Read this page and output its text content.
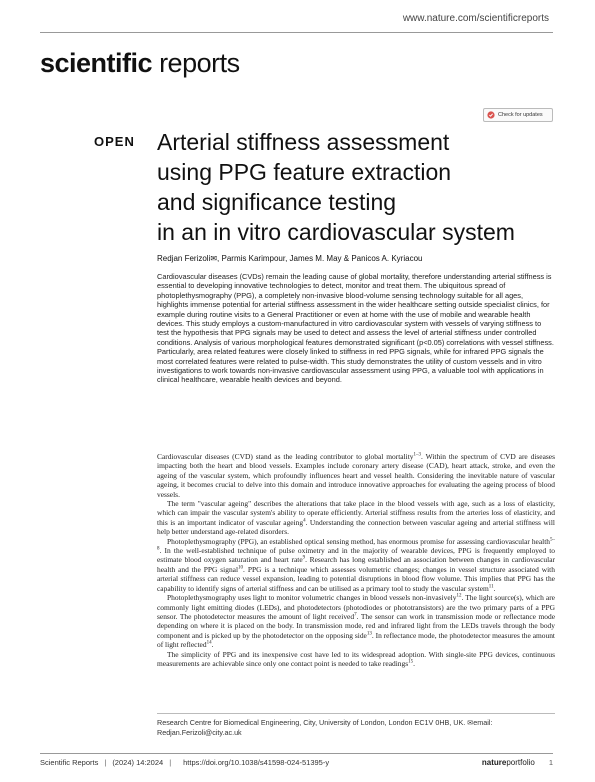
www.nature.com/scientificreports
scientific reports
Check for updates
OPEN Arterial stiffness assessment
using PPG feature extraction
and significance testing
in an in vitro cardiovascular system
Redjan Ferizoli✉, Parmis Karimpour, James M. May & Panicos A. Kyriacou
Cardiovascular diseases (CVDs) remain the leading cause of global mortality, therefore understanding arterial stiffness is essential to developing innovative technologies to detect, monitor and treat them. The ubiquitous spread of photoplethysmography (PPG), a completely non-invasive blood-volume sensing technology suitable for all ages, highlights immense potential for arterial stiffness assessment in the wider healthcare setting outside specialist clinics, for example during routine visits to a General Practitioner or even at home with the use of mobile and wearable health devices. This study employs a custom-manufactured in vitro cardiovascular system with vessels of varying stiffness to test the hypothesis that PPG signals may be used to detect and assess the level of arterial stiffness under controlled conditions. Analysis of various morphological features demonstrated significant (p<0.05) correlations with vessel stiffness. Particularly, area related features were closely linked to stiffness in red PPG signals, while for infrared PPG signals the most correlated features were related to pulse-width. This study demonstrates the utility of custom vessels and in vitro investigations to work towards non-invasive cardiovascular assessment using PPG, a valuable tool with applications in clinical healthcare, wearable health devices and beyond.

Cardiovascular diseases (CVD) stand as the leading contributor to global mortality$^{1-3}$. Within the spectrum of CVD are diseases impacting both the heart and blood vessels. Examples include coronary artery disease (CAD), heart attack, stroke, and even the ageing of the vascular system, which profoundly influences heart and vessel health. Considering the inevitable nature of vascular ageing, it becomes crucial to delve into this domain and introduce innovative approaches for evaluating the ageing process of blood vessels.

The term "vascular ageing" describes the alterations that take place in the blood vessels with age, such as a loss of elasticity, which can impair the vascular system's ability to operate efficiently. Arterial stiffness results from the arteries loss of elasticity, and this is an important indicator of vascular ageing$^4$. Understanding the connection between vascular ageing and arterial stiffness will help better understand age-related disorders.

Photoplethysmography (PPG), an established optical sensing method, has enormous promise for assessing cardiovascular health$^{5-8}$. In the well-established technique of pulse oximetry and in the majority of wearable devices, PPG is frequently employed to estimate blood oxygen saturation and heart rate$^9$. Research has long established an association between changes in cardiovascular health and the PPG signal$^{10}$. PPG is a technique which assesses volumetric changes; changes in vessel structure associated with arterial stiffness can reduce vessel expansion, leading to potential disruptions in blood flow volume. This implies that PPG has the capability to identify signs of arterial stiffness and can be utilised as a primary tool to study the vascular system$^{11}$.

Photoplethysmography uses light to monitor volumetric changes in blood vessels non-invasively$^{12}$. The light source(s), which are commonly light emitting diodes (LEDs), and photodetectors (photodiodes or phototransistors) are the two primary parts of a PPG sensor. The photodetector measures the amount of light received$^7$. The sensor can work in transmission mode or reflectance mode depending on where it is placed on the body. In transmission mode, red and infrared light from the LEDs travels through the body component and is picked up by the photodetector on the opposing side$^{13}$. In reflectance mode, the photodetector measures the amount of light reflected$^{14}$.

The simplicity of PPG and its inexpensive cost have led to its widespread adoption. With single-site PPG devices, continuous measurements are achievable since only one contact point is needed to take readings$^{15}$.

Research Centre for Biomedical Engineering, City, University of London, London EC1V 0HB, UK. ✉email: Redjan.Ferizoli@city.ac.uk
Scientific Reports | (2024) 14:2024 | https://doi.org/10.1038/s41598-024-51395-y	natureportfolio 1
